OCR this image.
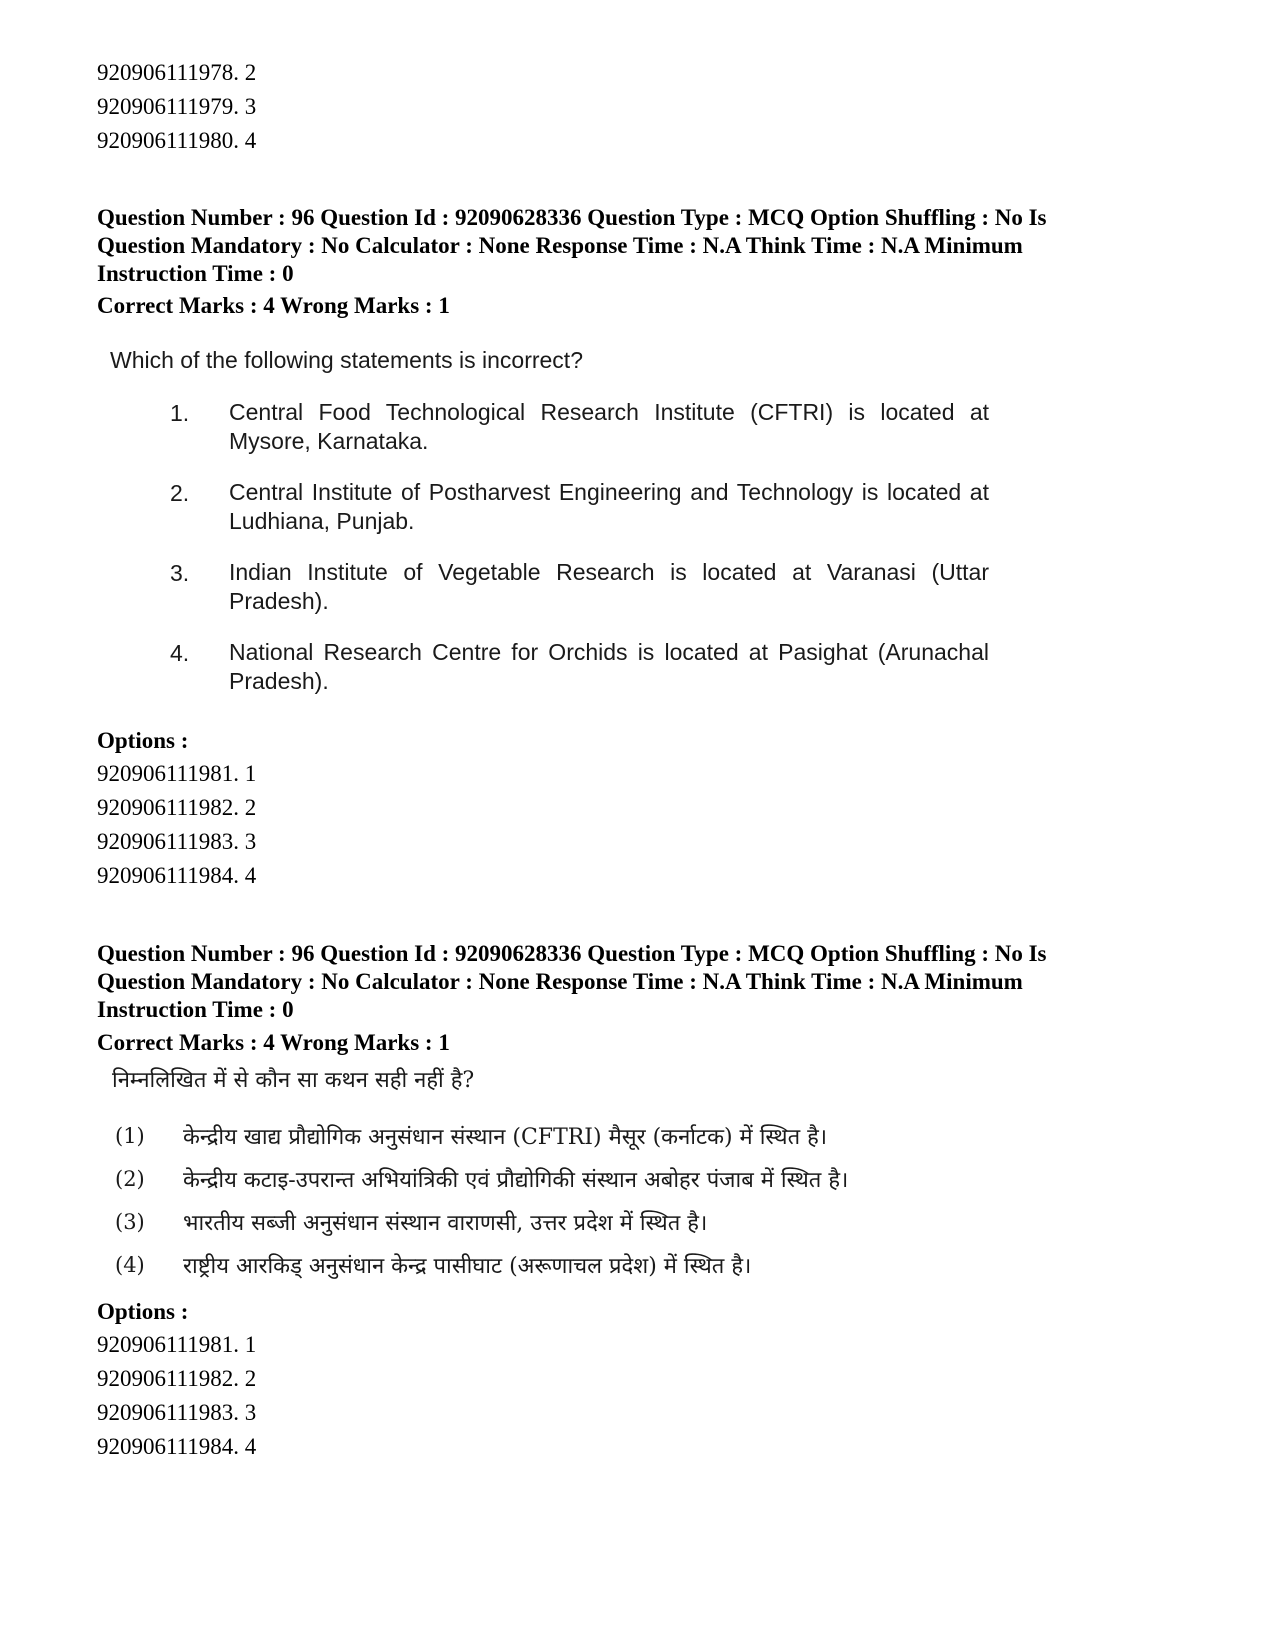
920906111978. 2
920906111979. 3
920906111980. 4
Question Number : 96 Question Id : 92090628336 Question Type : MCQ Option Shuffling : No Is Question Mandatory : No Calculator : None Response Time : N.A Think Time : N.A Minimum Instruction Time : 0
Correct Marks : 4 Wrong Marks : 1
Which of the following statements is incorrect?
1. Central Food Technological Research Institute (CFTRI) is located at Mysore, Karnataka.
2. Central Institute of Postharvest Engineering and Technology is located at Ludhiana, Punjab.
3. Indian Institute of Vegetable Research is located at Varanasi (Uttar Pradesh).
4. National Research Centre for Orchids is located at Pasighat (Arunachal Pradesh).
Options :
920906111981. 1
920906111982. 2
920906111983. 3
920906111984. 4
Question Number : 96 Question Id : 92090628336 Question Type : MCQ Option Shuffling : No Is Question Mandatory : No Calculator : None Response Time : N.A Think Time : N.A Minimum Instruction Time : 0
Correct Marks : 4 Wrong Marks : 1
निम्नलिखित में से कौन सा कथन सही नहीं है?
(1) केन्द्रीय खाद्य प्रौद्योगिक अनुसंधान संस्थान (CFTRI) मैसूर (कर्नाटक) में स्थित है।
(2) केन्द्रीय कटाइ-उपरान्त अभियांत्रिकी एवं प्रौद्योगिकी संस्थान अबोहर पंजाब में स्थित है।
(3) भारतीय सब्जी अनुसंधान संस्थान वाराणसी, उत्तर प्रदेश में स्थित है।
(4) राष्ट्रीय आरकिड् अनुसंधान केन्द्र पासीघाट (अरूणाचल प्रदेश) में स्थित है।
Options :
920906111981. 1
920906111982. 2
920906111983. 3
920906111984. 4
